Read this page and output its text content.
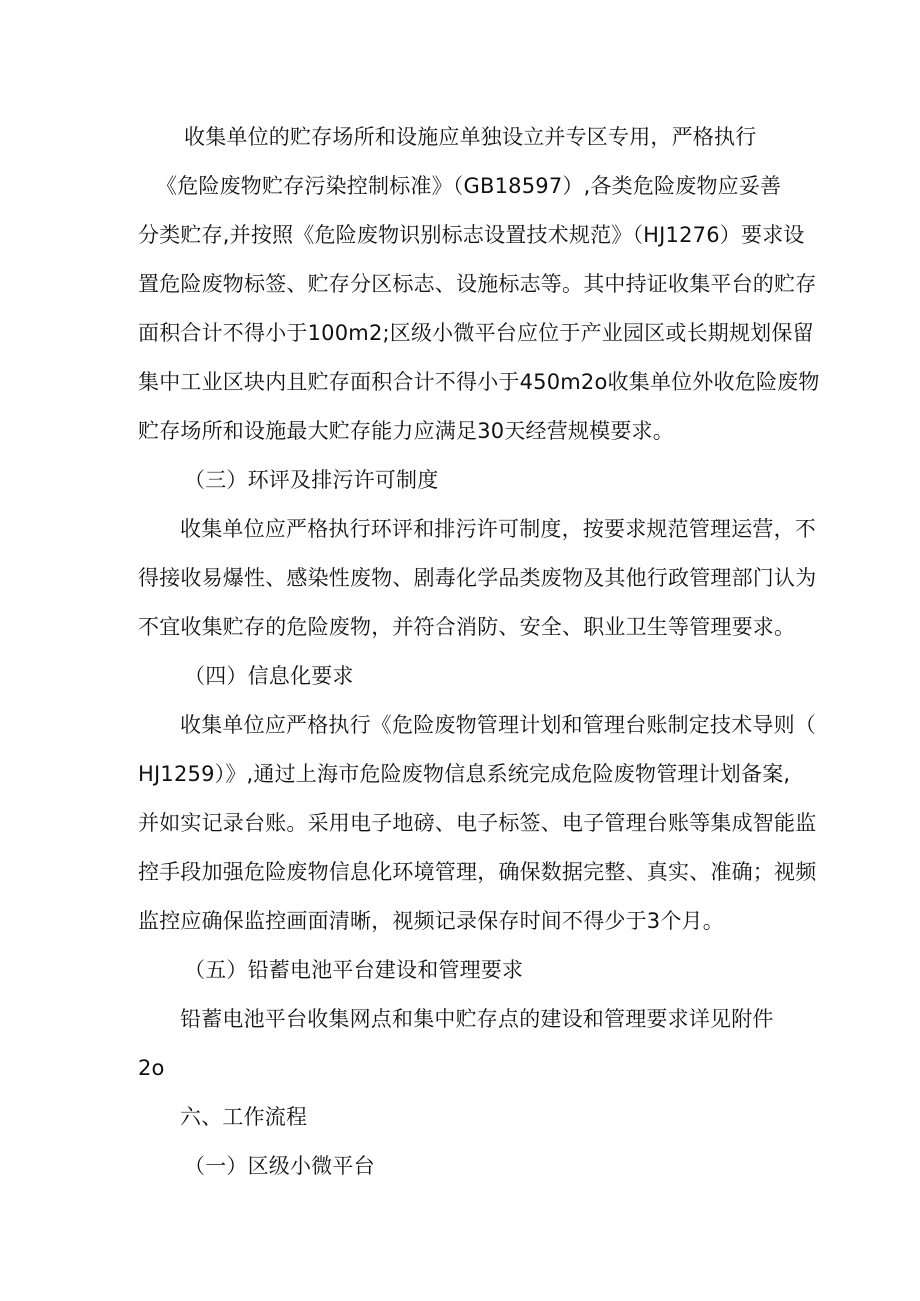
收集单位的贮存场所和设施应单独设立并专区专用，严格执行
《危险废物贮存污染控制标准》（GB18597）,各类危险废物应妥善
分类贮存,并按照《危险废物识别标志设置技术规范》（HJ1276）要求设
置危险废物标签、贮存分区标志、设施标志等。其中持证收集平台的贮存
面积合计不得小于100m2;区级小微平台应位于产业园区或长期规划保留
集中工业区块内且贮存面积合计不得小于450m2o收集单位外收危险废物
贮存场所和设施最大贮存能力应满足30天经营规模要求。
（三）环评及排污许可制度
收集单位应严格执行环评和排污许可制度，按要求规范管理运营，不
得接收易爆性、感染性废物、剧毒化学品类废物及其他行政管理部门认为
不宜收集贮存的危险废物，并符合消防、安全、职业卫生等管理要求。
（四）信息化要求
收集单位应严格执行《危险废物管理计划和管理台账制定技术导则（
HJ1259）》,通过上海市危险废物信息系统完成危险废物管理计划备案,
并如实记录台账。采用电子地磅、电子标签、电子管理台账等集成智能监
控手段加强危险废物信息化环境管理，确保数据完整、真实、准确；视频
监控应确保监控画面清晰，视频记录保存时间不得少于3个月。
（五）铅蓄电池平台建设和管理要求
铅蓄电池平台收集网点和集中贮存点的建设和管理要求详见附件
2o
六、工作流程
（一）区级小微平台
